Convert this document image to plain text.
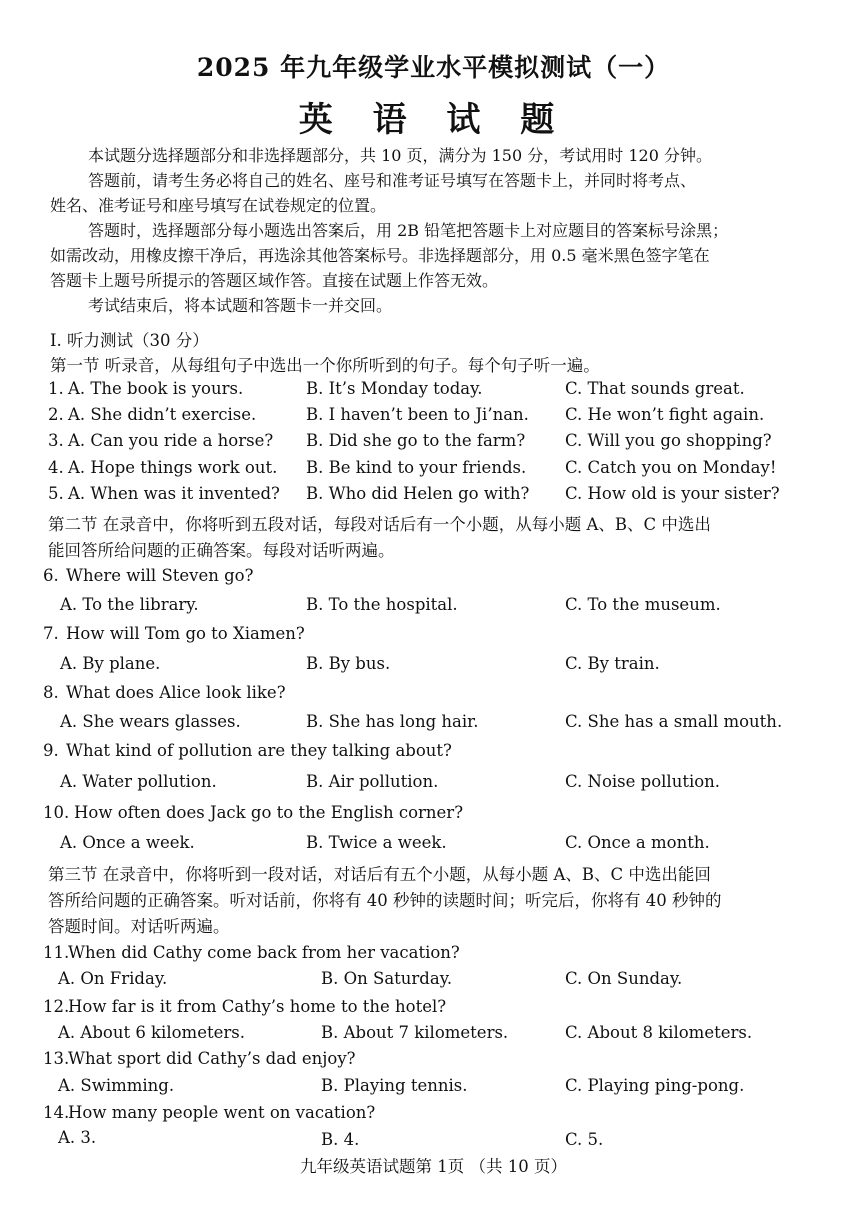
2025 年九年级学业水平模拟测试（一）
英 语 试 题
本试题分选择题部分和非选择题部分，共 10 页，满分为 150 分，考试用时 120 分钟。
答题前，请考生务必将自己的姓名、座号和准考证号填写在答题卡上，并同时将考点、
姓名、准考证号和座号填写在试卷规定的位置。
答题时，选择题部分每小题选出答案后，用 2B 铅笔把答题卡上对应题目的答案标号涂黑；
如需改动，用橡皮擦干净后，再选涂其他答案标号。非选择题部分，用 0.5 毫米黑色签字笔在
答题卡上题号所提示的答题区域作答。直接在试题上作答无效。
考试结束后，将本试题和答题卡一并交回。
I. 听力测试（30 分）
第一节 听录音，从每组句子中选出一个你所听到的句子。每个句子听一遍。
1. A. The book is yours.	B. It’s Monday today.	C. That sounds great.
2. A. She didn’t exercise.	B. I haven’t been to Ji’nan. C. He won’t fight again.
3. A. Can you ride a horse? B. Did she go to the farm? C. Will you go shopping?
4. A. Hope things work out. B. Be kind to your friends. C. Catch you on Monday!
5. A. When was it invented? B. Who did Helen go with? C. How old is your sister?
第二节 在录音中，你将听到五段对话，每段对话后有一个小题，从每小题 A、B、C 中选出
能回答所给问题的正确答案。每段对话听两遍。
6. Where will Steven go?
A. To the library.	B. To the hospital.	C. To the museum.
7. How will Tom go to Xiamen?
A. By plane.	B. By bus.	C. By train.
8. What does Alice look like?
A. She wears glasses.	B. She has long hair.	C. She has a small mouth.
9. What kind of pollution are they talking about?
A. Water pollution.	B. Air pollution.	C. Noise pollution.
10. How often does Jack go to the English corner?
A. Once a week.	B. Twice a week.	C. Once a month.
第三节 在录音中，你将听到一段对话，对话后有五个小题，从每小题 A、B、C 中选出能回
答所给问题的正确答案。听对话前，你将有 40 秒钟的读题时间；听完后，你将有 40 秒钟的
答题时间。对话听两遍。
11.
When did Cathy come back from her vacation?
A. On Friday.	B. On Saturday.	C. On Sunday.
12.
How far is it from Cathy’s home to the hotel?
A. About 6 kilometers.	B. About 7 kilometers.	C. About 8 kilometers.
13.
What sport did Cathy’s dad enjoy?
A. Swimming.	B. Playing tennis.	C. Playing ping-pong.
14.
How many people went on vacation?
A. 3.	B. 4.	C. 5.
九年级英语试题第 1页 （共 10 页）
